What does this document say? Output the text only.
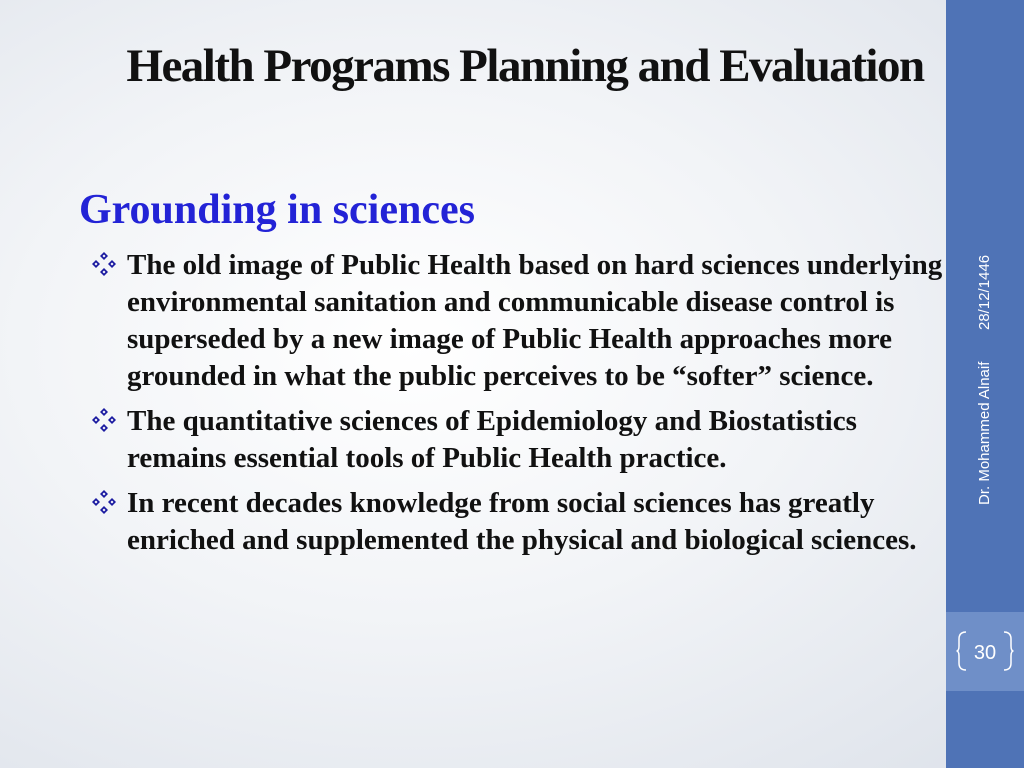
Health Programs Planning and Evaluation
Grounding in sciences
The old image of Public Health based on hard sciences underlying environmental sanitation and communicable disease control is superseded by a new image of Public Health approaches more grounded in what the public perceives to be “softer” science.
The quantitative sciences of Epidemiology and Biostatistics remains essential tools of Public Health practice.
In recent decades knowledge from social sciences has greatly enriched and supplemented the physical and biological sciences.
28/12/1446
Dr. Mohammed Alnaif
30
